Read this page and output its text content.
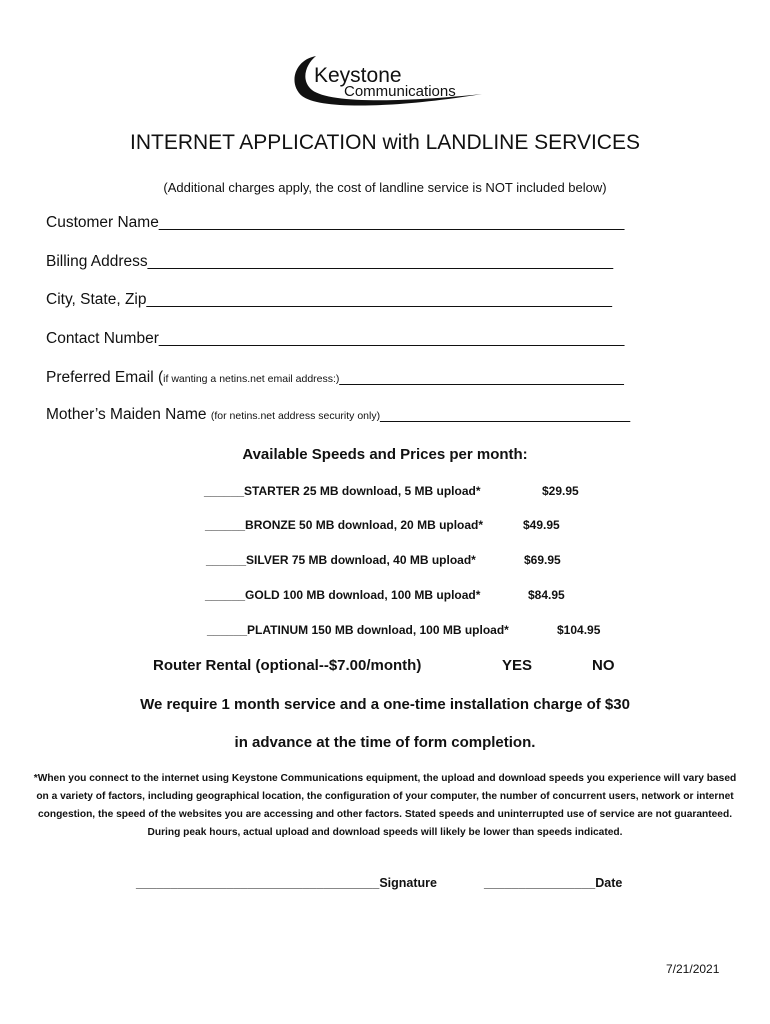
Keystone
Communications
INTERNET APPLICATION with LANDLINE SERVICES
(Additional charges apply, the cost of landline service is NOT included below)
Customer Name______________________________________________________
Billing Address______________________________________________________
City, State, Zip______________________________________________________
Contact Number______________________________________________________
Preferred Email (if wanting a netins.net email address:)_________________________________
Mother’s Maiden Name (for netins.net address security only)_____________________________
Available Speeds and Prices per month:
______STARTER 25 MB download, 5 MB upload*	$29.95
______BRONZE 50 MB download, 20 MB upload*	$49.95
______SILVER 75 MB download, 40 MB upload*	$69.95
______GOLD 100 MB download, 100 MB upload*	$84.95
______PLATINUM 150 MB download, 100 MB upload*	$104.95
Router Rental (optional--$7.00/month)	YES	NO
We require 1 month service and a one-time installation charge of $30
in advance at the time of form completion.
*When you connect to the internet using Keystone Communications equipment, the upload and download speeds you experience will vary based on a variety of factors, including geographical location, the configuration of your computer, the number of concurrent users, network or internet congestion, the speed of the websites you are accessing and other factors. Stated speeds and uninterrupted use of service are not guaranteed. During peak hours, actual upload and download speeds will likely be lower than speeds indicated.
___________________________________Signature	________________Date
7/21/2021
